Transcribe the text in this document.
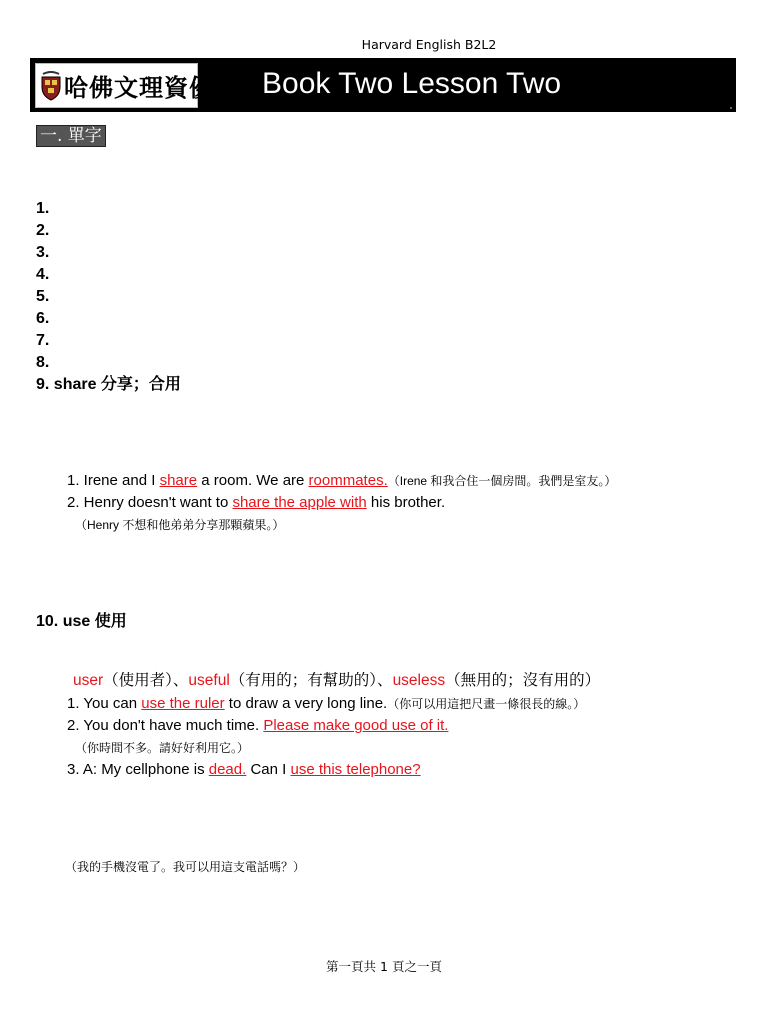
Harvard English B2L2
哈佛文理資優 Book Two Lesson Two
一. 單字
1.
2.
3.
4.
5.
6.
7.
8.
9. share 分享；合用
1. Irene and I share a room. We are roommates.（Irene 和我合住一個房間。我們是室友。）
2. Henry doesn't want to share the apple with his brother.
（Henry 不想和他弟弟分享那顆蘋果。）
10. use 使用
user（使用者）、useful（有用的；有幫助的）、useless（無用的；沒有用的）
1. You can use the ruler to draw a very long line.（你可以用這把尺畫一條很長的線。）
2. You don't have much time. Please make good use of it.
（你時間不多。請好好利用它。）
3. A: My cellphone is dead. Can I use this telephone?
（我的手機沒電了。我可以用這支電話嗎？）
第一頁共 1 頁之一頁
